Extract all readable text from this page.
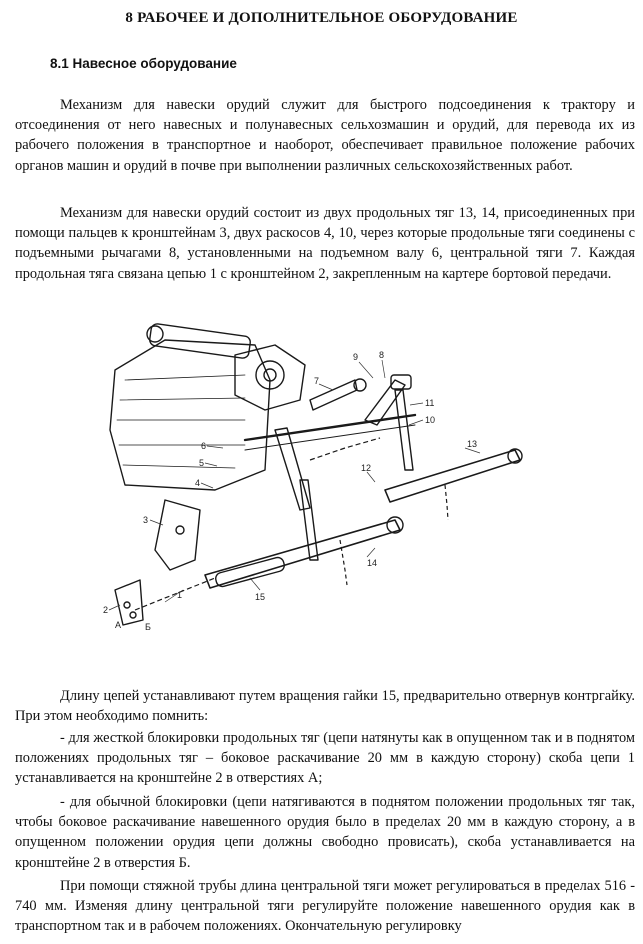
8 РАБОЧЕЕ И ДОПОЛНИТЕЛЬНОЕ ОБОРУДОВАНИЕ
8.1 Навесное оборудование

Механизм для навески орудий служит для быстрого подсоединения к трактору и отсоединения от него навесных и полунавесных сельхозмашин и орудий, для перевода их из рабочего положения в транспортное и наоборот, обеспечивает правильное положение рабочих органов машин и орудий в почве при выполнении различных сельскохозяйственных работ.

Механизм для навески орудий состоит из двух продольных тяг 13, 14, присоединенных при помощи пальцев к кронштейнам 3, двух раскосов 4, 10, через которые продольные тяги соединены с подъемными рычагами 8, установленными на подъемном валу 6, центральной тяги 7. Каждая продольная тяга связана цепью 1 с кронштейном 2, закрепленным на картере бортовой передачи.

1
2
3
4
5
6
7
8
9
10
11
12
13
14
15
А	Б

Длину цепей устанавливают путем вращения гайки 15, предварительно отвернув контргайку. При этом необходимо помнить:

- для жесткой блокировки продольных тяг (цепи натянуты как в опущенном так и в поднятом положениях продольных тяг – боковое раскачивание 20 мм в каждую сторону) скоба цепи 1 устанавливается на кронштейне 2 в отверстиях А;

- для обычной блокировки (цепи натягиваются в поднятом положении продольных тяг так, чтобы боковое раскачивание навешенного орудия было в пределах 20 мм в каждую сторону, а в опущенном положении орудия цепи должны свободно провисать), скоба устанавливается на кронштейне 2 в отверстия Б.

При помощи стяжной трубы длина центральной тяги может регулироваться в пределах 516 - 740 мм. Изменяя длину центральной тяги регулируйте положение навешенного орудия как в транспортном так и в рабочем положениях. Окончательную регулировку
